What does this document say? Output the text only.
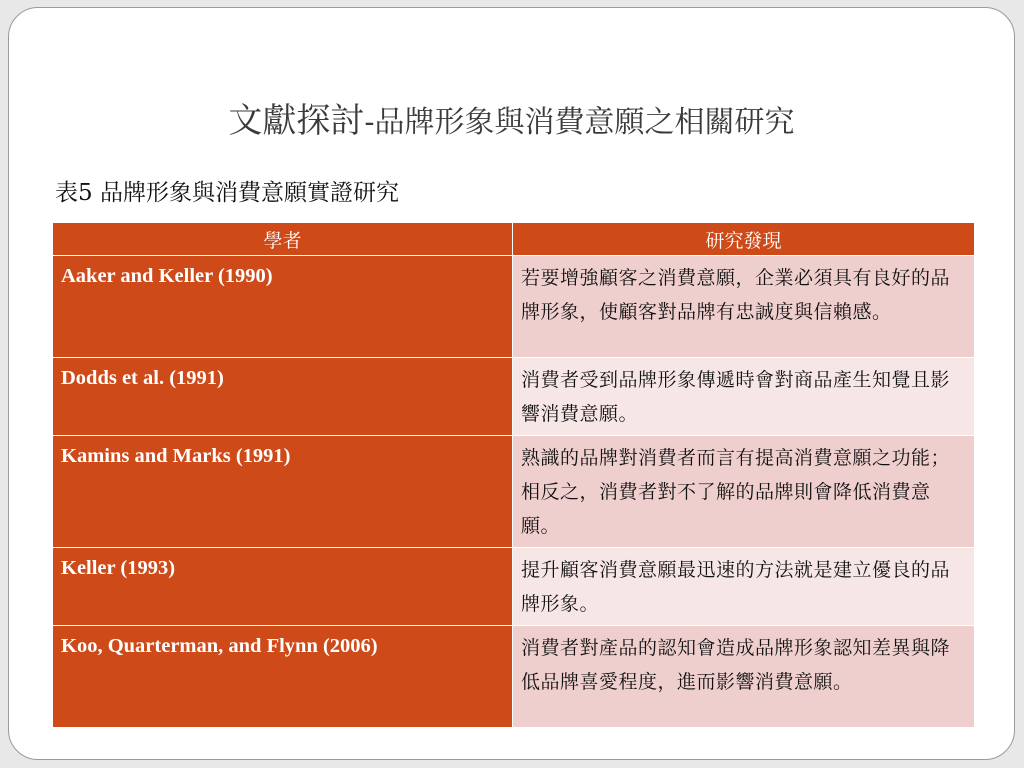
文獻探討-品牌形象與消費意願之相關研究
表5 品牌形象與消費意願實證研究
學者	研究發現
Aaker and Keller (1990)	若要增強顧客之消費意願，企業必須具有良好的品牌形象，使顧客對品牌有忠誠度與信賴感。
Dodds et al. (1991)	消費者受到品牌形象傳遞時會對商品產生知覺且影響消費意願。
Kamins and Marks (1991)	熟識的品牌對消費者而言有提高消費意願之功能；相反之，消費者對不了解的品牌則會降低消費意願。
Keller (1993)	提升顧客消費意願最迅速的方法就是建立優良的品牌形象。
Koo, Quarterman, and Flynn (2006)	消費者對產品的認知會造成品牌形象認知差異與降低品牌喜愛程度，進而影響消費意願。
